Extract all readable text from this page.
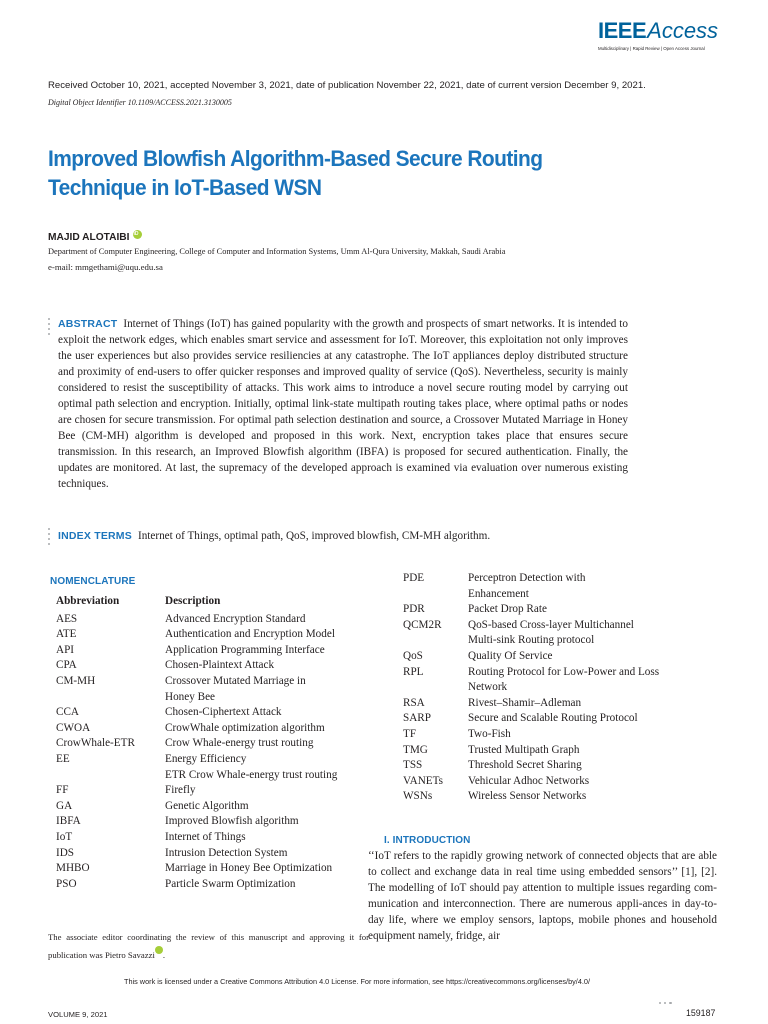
IEEEAccess
Multidisciplinary | Rapid Review | Open Access Journal
Received October 10, 2021, accepted November 3, 2021, date of publication November 22, 2021, date of current version December 9, 2021.
Digital Object Identifier 10.1109/ACCESS.2021.3130005
Improved Blowfish Algorithm-Based Secure Routing Technique in IoT-Based WSN
MAJID ALOTAIBI
iD
Department of Computer Engineering, College of Computer and Information Systems, Umm Al-Qura University, Makkah, Saudi Arabia
e-mail: mmgethami@uqu.edu.sa
ABSTRACT Internet of Things (IoT) has gained popularity with the growth and prospects of smart networks. It is intended to exploit the network edges, which enables smart service and assessment for IoT. Moreover, this exploitation not only improves the user experiences but also provides service resiliencies at any catastrophe. The IoT appliances deploy distributed structure and proximity of end-users to offer quicker responses and improved quality of service (QoS). Nevertheless, security is mainly considered to resist the susceptibility of attacks. This work aims to introduce a novel secure routing model by carrying out optimal path selection and encryption. Initially, optimal link-state multipath routing takes place, where optimal paths or nodes are chosen for secure transmission. For optimal path selection destination and source, a Crossover Mutated Marriage in Honey Bee (CM-MH) algorithm is developed and proposed in this work. Next, encryption takes place that ensures secure transmission. In this research, an Improved Blowfish algorithm (IBFA) is proposed for secured authentication. Finally, the updates are monitored. At last, the supremacy of the developed approach is examined via evaluation over numerous existing techniques.
INDEX TERMS Internet of Things, optimal path, QoS, improved blowfish, CM-MH algorithm.
NOMENCLATURE
Abbreviation	Description
AES	Advanced Encryption Standard
ATE	Authentication and Encryption Model
API	Application Programming Interface
CPA	Chosen-Plaintext Attack
CM-MH	Crossover Mutated Marriage in
Honey Bee
CCA	Chosen-Ciphertext Attack
CWOA	CrowWhale optimization algorithm
CrowWhale-ETR	Crow Whale-energy trust routing
EE	Energy Efficiency
ETR Crow Whale-energy trust routing
FF	Firefly
GA	Genetic Algorithm
IBFA	Improved Blowfish algorithm
IoT	Internet of Things
IDS	Intrusion Detection System
MHBO	Marriage in Honey Bee Optimization
PSO	Particle Swarm Optimization
PDE	Perceptron Detection with
Enhancement
PDR	Packet Drop Rate
QCM2R QoS-based Cross-layer Multichannel
Multi-sink Routing protocol
QoS	Quality Of Service
RPL	Routing Protocol for Low-Power and Loss
Network
RSA	Rivest–Shamir–Adleman
SARP	Secure and Scalable Routing Protocol
TF	Two-Fish
TMG	Trusted Multipath Graph
TSS	Threshold Secret Sharing
VANETs Vehicular Adhoc Networks
WSNs	Wireless Sensor Networks
I. INTRODUCTION
‘‘IoT refers to the rapidly growing network of connected objects that are able to collect and exchange data in real time using embedded sensors’’ [1], [2]. The modelling of IoT should pay attention to multiple issues regarding com-munication and interconnection. There are numerous appli-ances in day-to-day life, where we employ sensors, laptops, mobile phones and household equipment namely, fridge, air
The associate editor coordinating the review of this manuscript and approving it for publication was Pietro Savazzi .
This work is licensed under a Creative Commons Attribution 4.0 License. For more information, see https://creativecommons.org/licenses/by/4.0/
VOLUME 9, 2021	159187
